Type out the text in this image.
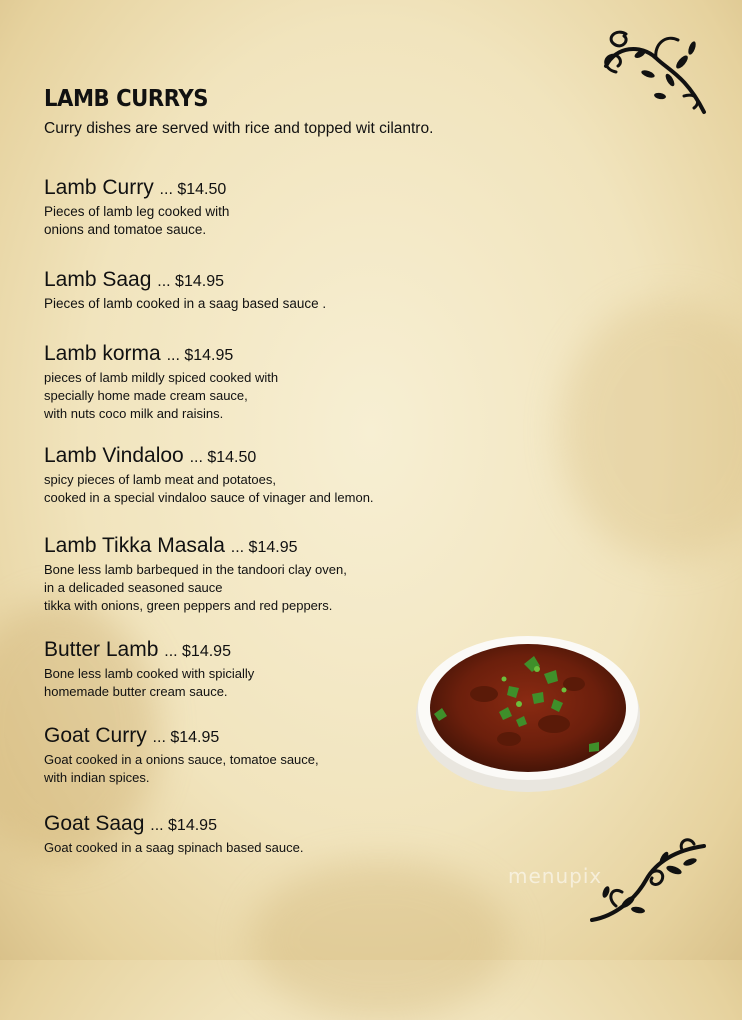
LAMB CURRYS
Curry dishes are served with rice and topped wit cilantro.
Lamb Curry ... $14.50
Pieces of lamb leg cooked with
onions and tomatoe sauce.
Lamb Saag ... $14.95
Pieces of lamb cooked in a saag based sauce .
Lamb korma ... $14.95
pieces of lamb mildly spiced cooked with
specially home made cream sauce,
with nuts coco milk and raisins.
Lamb Vindaloo ... $14.50
spicy pieces of lamb meat and potatoes,
cooked in a special vindaloo sauce of vinager and lemon.
Lamb Tikka Masala ... $14.95
Bone less lamb barbequed in the tandoori clay oven,
in a delicaded seasoned sauce
tikka with onions, green peppers and red peppers.
Butter Lamb ... $14.95
Bone less lamb cooked with spicially
homemade butter cream sauce.
Goat Curry ... $14.95
Goat cooked in a onions sauce, tomatoe sauce,
with indian spices.
Goat Saag ... $14.95
Goat cooked in a saag spinach based sauce.
menupix
